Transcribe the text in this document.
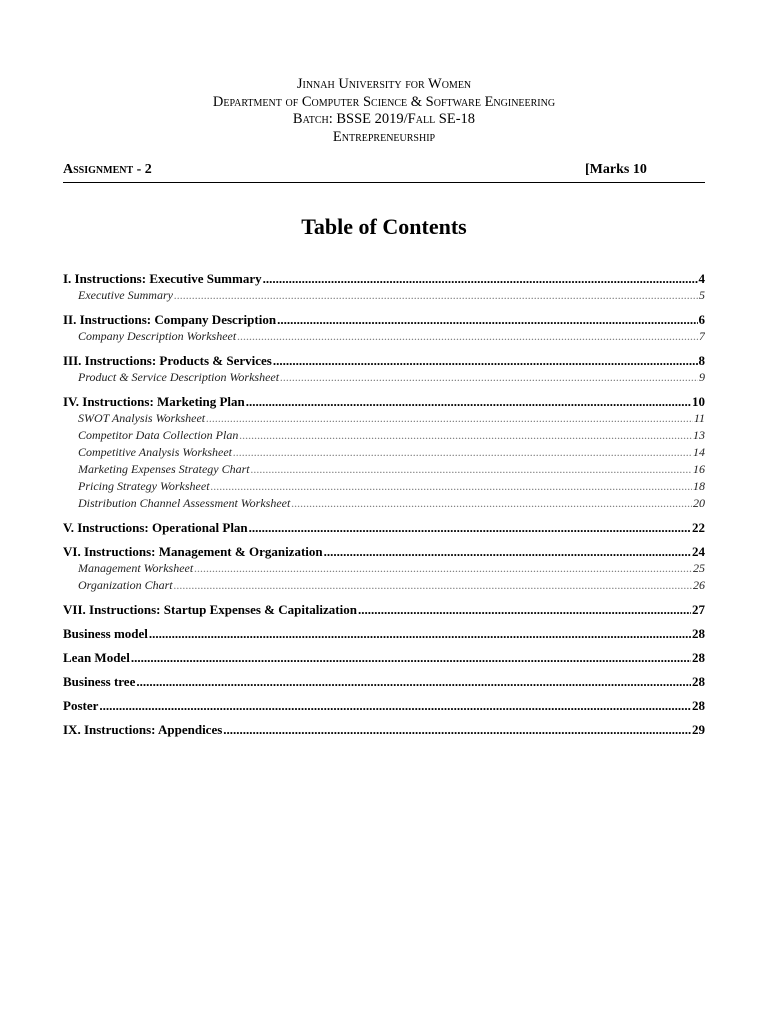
Jinnah University for Women
Department of Computer Science & Software Engineering
Batch: BSSE 2019/Fall SE-18
Entrepreneurship
Assignment - 2	[Marks 10
Table of Contents
I. Instructions: Executive Summary .....	4
Executive Summary .....	5
II. Instructions: Company Description .....	6
Company Description Worksheet .....	7
III. Instructions: Products & Services .....	8
Product & Service Description Worksheet .....	9
IV. Instructions: Marketing Plan .....	10
SWOT Analysis Worksheet .....	11
Competitor Data Collection Plan .....	13
Competitive Analysis Worksheet .....	14
Marketing Expenses Strategy Chart .....	16
Pricing Strategy Worksheet .....	18
Distribution Channel Assessment Worksheet .....	20
V. Instructions: Operational Plan .....	22
VI. Instructions: Management & Organization .....	24
Management Worksheet .....	25
Organization Chart .....	26
VII. Instructions: Startup Expenses & Capitalization .....	27
Business model .....	28
Lean Model .....	28
Business tree .....	28
Poster .....	28
IX. Instructions: Appendices .....	29
